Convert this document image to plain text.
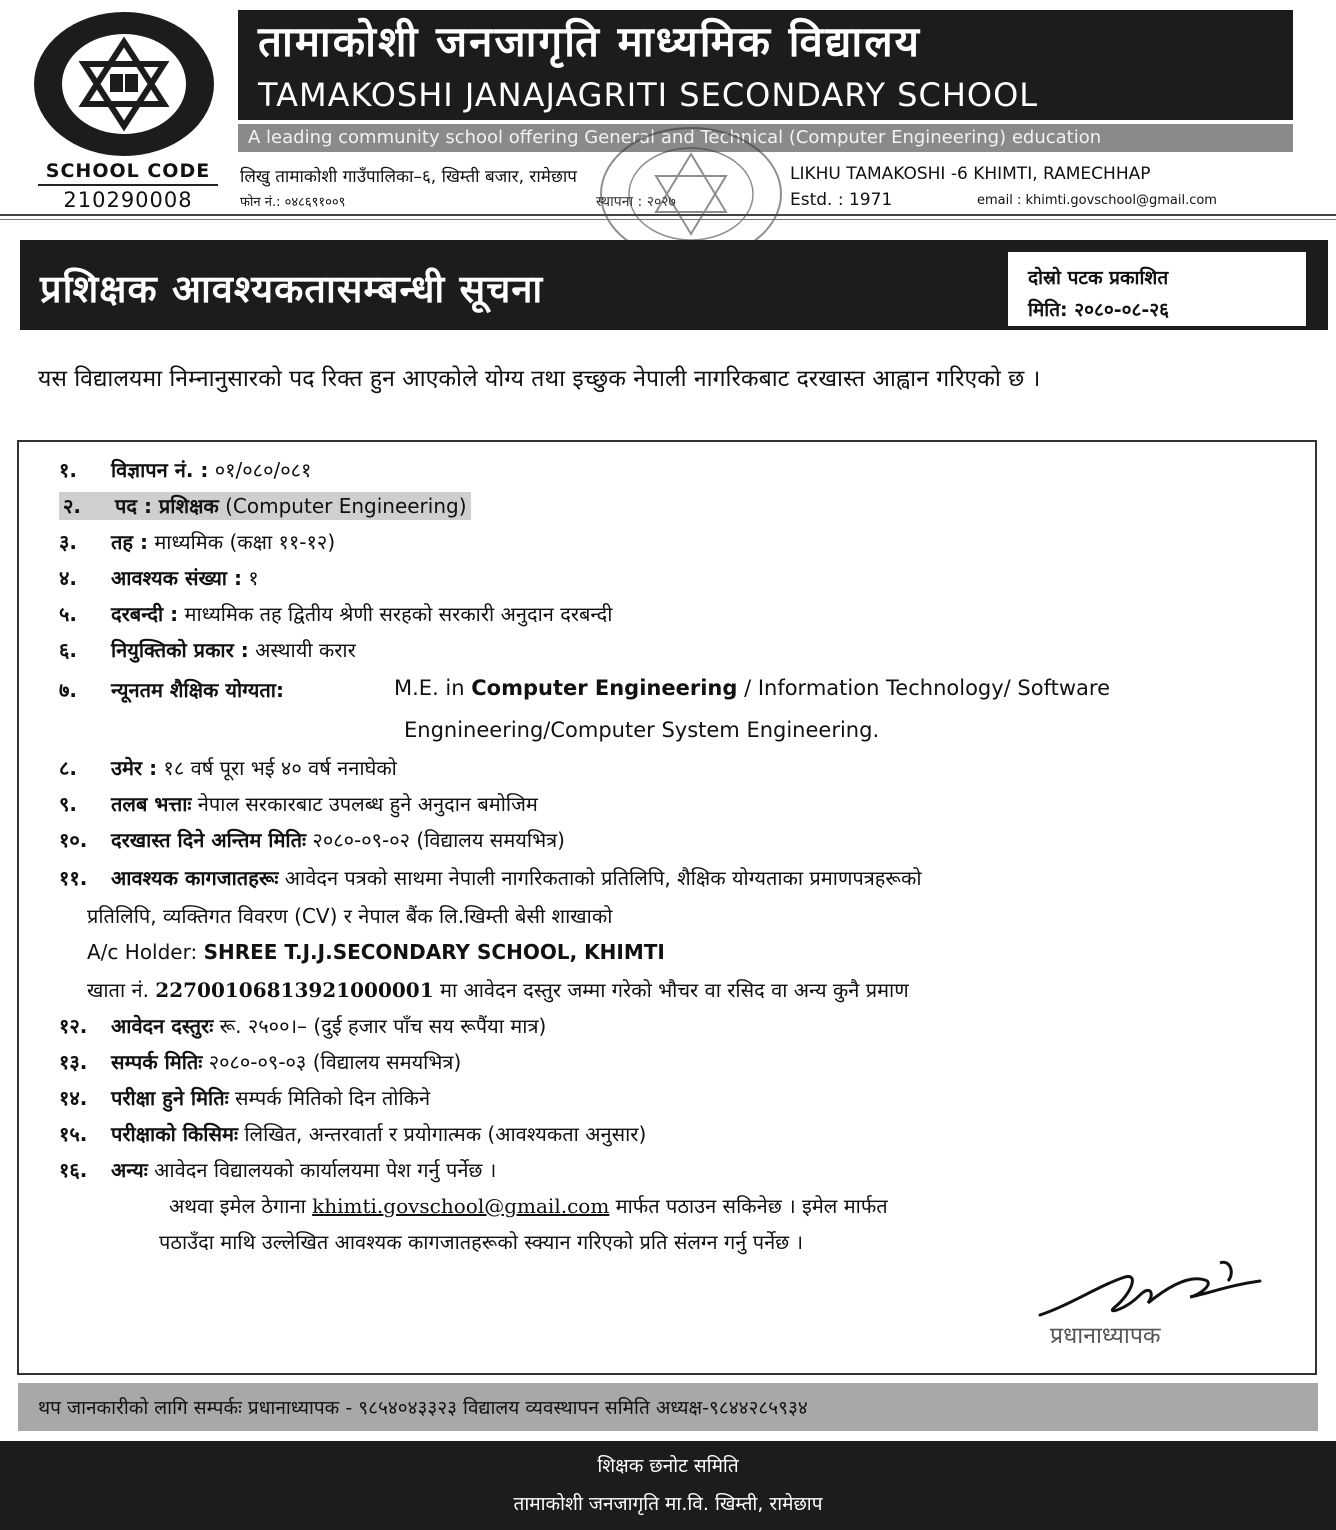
SCHOOL CODE
210290008
तामाकोशी जनजागृति माध्यमिक विद्यालय
TAMAKOSHI JANAJAGRITI SECONDARY SCHOOL
A leading community school offering General and Technical (Computer Engineering) education
लिखु तामाकोशी गाउँपालिका–६, खिम्ती बजार, रामेछाप
फोन नं.: ०४८६९१००९	स्थापना : २०२७
LIKHU TAMAKOSHI -6 KHIMTI, RAMECHHAP
Estd. : 1971	email : khimti.govschool@gmail.com
प्रशिक्षक आवश्यकतासम्बन्धी सूचना	दोस्रो पटक प्रकाशित
मिति: २०८०-०८-२६
यस विद्यालयमा निम्नानुसारको पद रिक्त हुन आएकोले योग्य तथा इच्छुक नेपाली नागरिकबाट दरखास्त आह्वान गरिएको छ ।
१. विज्ञापन नं. : ०१/०८०/०८१
२. पद : प्रशिक्षक (Computer Engineering)
३. तह : माध्यमिक (कक्षा ११-१२)
४. आवश्यक संख्या : १
५. दरबन्दी : माध्यमिक तह द्वितीय श्रेणी सरहको सरकारी अनुदान दरबन्दी
६. नियुक्तिको प्रकार : अस्थायी करार
७. न्यूनतम शैक्षिक योग्यता:	M.E. in Computer Engineering / Information Technology/ Software
Engnineering/Computer System Engineering.
८. उमेर : १८ वर्ष पूरा भई ४० वर्ष ननाघेको
९. तलब भत्ताः नेपाल सरकारबाट उपलब्ध हुने अनुदान बमोजिम
१०. दरखास्त दिने अन्तिम मितिः २०८०-०९-०२ (विद्यालय समयभित्र)
११. आवश्यक कागजातहरूः आवेदन पत्रको साथमा नेपाली नागरिकताको प्रतिलिपि, शैक्षिक योग्यताका प्रमाणपत्रहरूको
प्रतिलिपि, व्यक्तिगत विवरण (CV) र नेपाल बैंक लि.खिम्ती बेसी शाखाको
A/c Holder: SHREE T.J.J.SECONDARY SCHOOL, KHIMTI
खाता नं. 22700106813921000001 मा आवेदन दस्तुर जम्मा गरेको भौचर वा रसिद वा अन्य कुनै प्रमाण
१२. आवेदन दस्तुरः रू. २५००।– (दुई हजार पाँच सय रूपैंया मात्र)
१३. सम्पर्क मितिः २०८०-०९-०३ (विद्यालय समयभित्र)
१४. परीक्षा हुने मितिः सम्पर्क मितिको दिन तोकिने
१५. परीक्षाको किसिमः लिखित, अन्तरवार्ता र प्रयोगात्मक (आवश्यकता अनुसार)
१६. अन्यः आवेदन विद्यालयको कार्यालयमा पेश गर्नु पर्नेछ ।
अथवा इमेल ठेगाना khimti.govschool@gmail.com मार्फत पठाउन सकिनेछ । इमेल मार्फत
पठाउँदा माथि उल्लेखित आवश्यक कागजातहरूको स्क्यान गरिएको प्रति संलग्न गर्नु पर्नेछ ।
प्रधानाध्यापक
थप जानकारीको लागि सम्पर्कः प्रधानाध्यापक - ९८५४०४३३२३ विद्यालय व्यवस्थापन समिति अध्यक्ष-९८४४२८५९३४
शिक्षक छनोट समिति
तामाकोशी जनजागृति मा.वि. खिम्ती, रामेछाप
